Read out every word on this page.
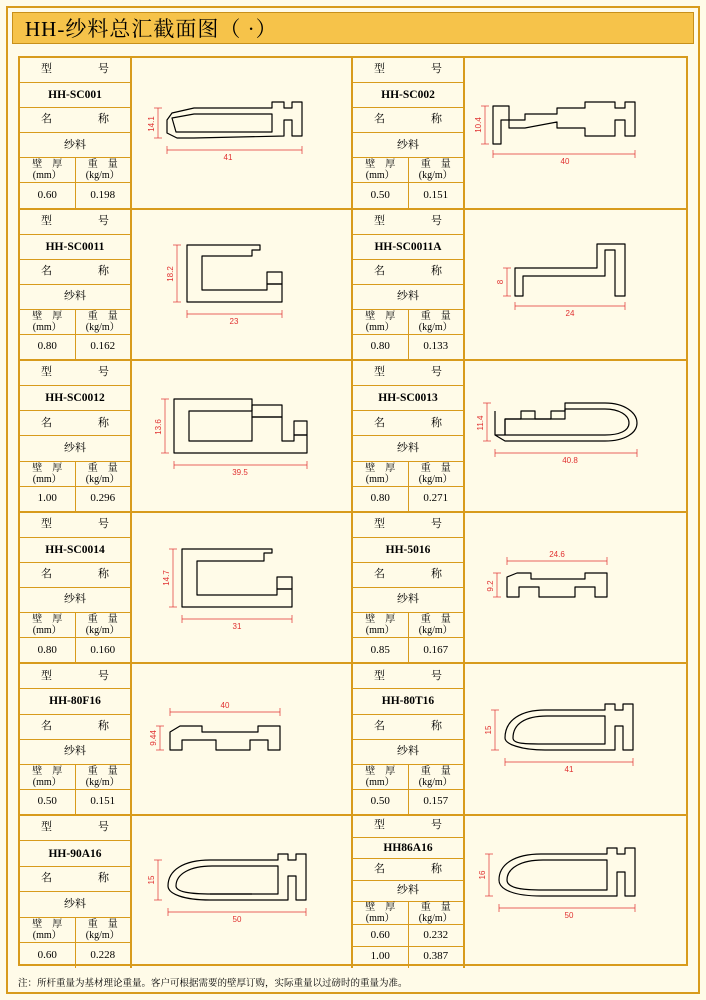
HH-纱料总汇截面图（ ·）
型　　号
HH-SC001
名　　称
纱料
壁　厚
(mm）
重　量
(kg/m）
0.60	0.198
41
14.1
型　　号
HH-SC002
名　　称
纱料
壁　厚
(mm）
重　量
(kg/m）
0.50	0.151
40
10.4
型　　号
HH-SC0011
名　　称
纱料
壁　厚
(mm）
重　量
(kg/m）
0.80	0.162
23
18.2
型　　号
HH-SC0011A
名　　称
纱料
壁　厚
(mm）
重　量
(kg/m）
0.80	0.133
24
8
型　　号
HH-SC0012
名　　称
纱料
壁　厚
(mm）
重　量
(kg/m）
1.00	0.296
39.5
13.6
型　　号
HH-SC0013
名　　称
纱料
壁　厚
(mm）
重　量
(kg/m）
0.80	0.271
40.8
11.4
型　　号
HH-SC0014
名　　称
纱料
壁　厚
(mm）
重　量
(kg/m）
0.80	0.160
31
14.7
型　　号
HH-5016
名　　称
纱料
壁　厚
(mm）
重　量
(kg/m）
0.85	0.167
24.6
9.2
型　　号
HH-80F16
名　　称
纱料
壁　厚
(mm）
重　量
(kg/m）
0.50	0.151
40
9.44
型　　号
HH-80T16
名　　称
纱料
壁　厚
(mm）
重　量
(kg/m）
0.50	0.157
41
15
型　　号
HH-90A16
名　　称
纱料
壁　厚
(mm）
重　量
(kg/m）
0.60	0.228
50
15
型　　号
HH86A16
名　　称
纱料
壁　厚
(mm）
重　量
(kg/m）
0.60	0.232
1.00	0.387
50
16
注：所杆重量为基材理论重量。客户可根据需要的壁厚订购，实际重量以过磅时的重量为准。
